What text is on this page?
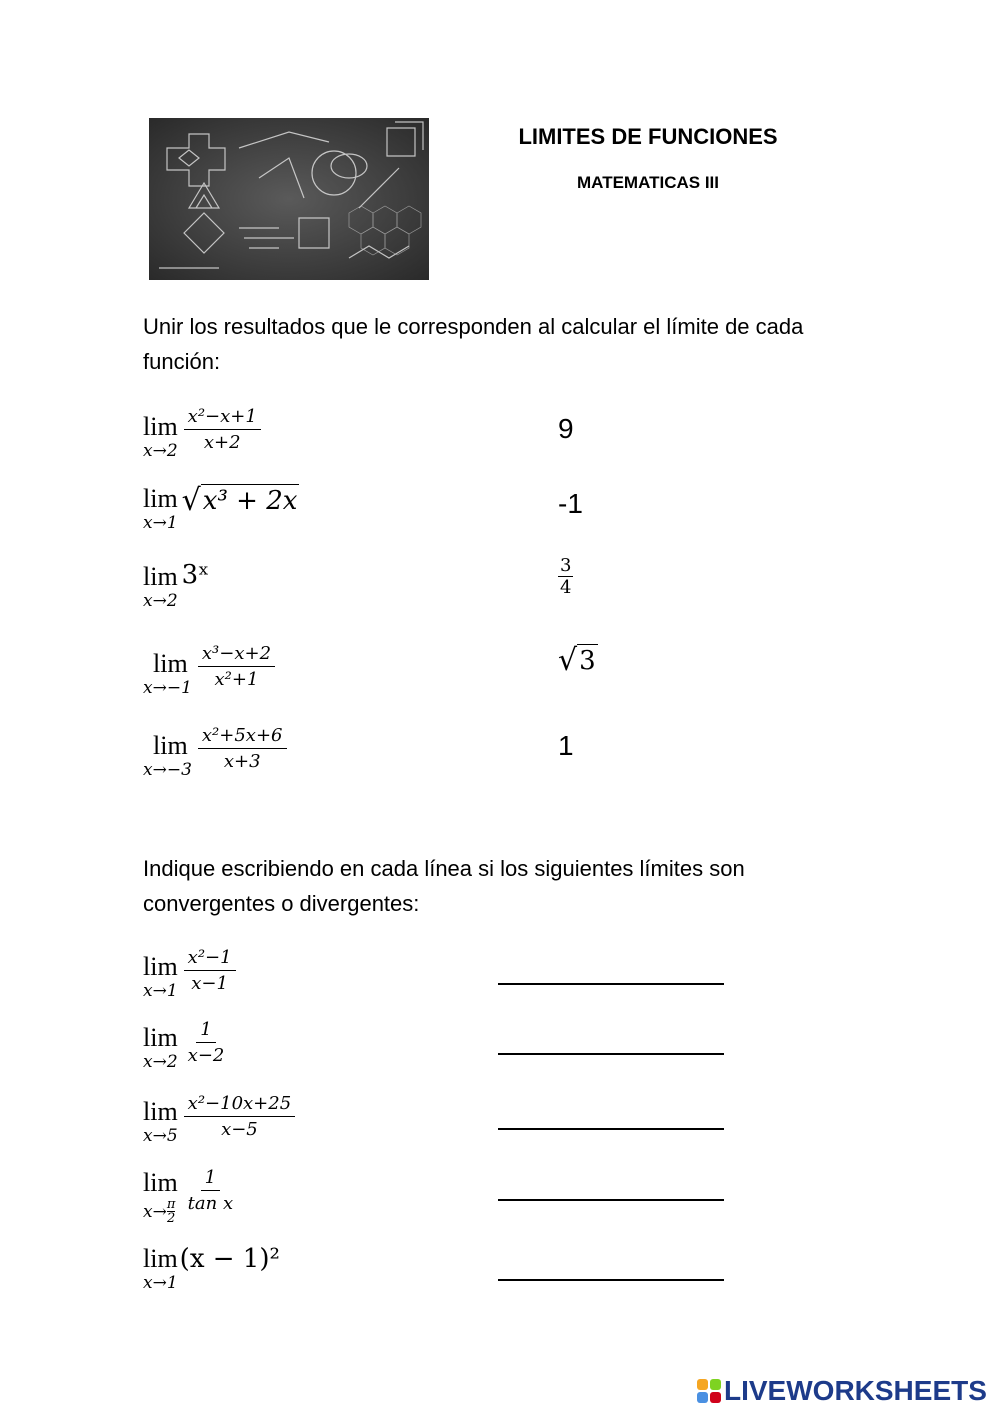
LIMITES DE FUNCIONES
MATEMATICAS III
Unir los resultados que le corresponden al calcular el límite de cada función:
lim
$x\to 2 \frac{\text{x²−x+1}}{x+2}$
lim
x→1
√ x³ + 2x
lim
x→2
3ˣ
lim
$x\to-1 \frac{\text{x³−x+2}}{\text{x²+1}}$
lim
$x\to-3 \frac{\text{x²+5x+6}}{x+3}$
9
-1
$\frac{3}{4}$
√ 3
1
Indique escribiendo en cada línea si los siguientes límites son convergentes o divergentes:
lim
$x\to 1 \frac{\text{x²−1}}{x-1}$
lim
$x\to 2 \frac{1}{x-2}$
lim
$x\to 5 \frac{\text{x²−10x+25}}{x-5}$
lim
x→ π
2
$\frac{1}{\text{tan x}}$
lim
x→1
(x − 1)²
LIVEWORKSHEETS
